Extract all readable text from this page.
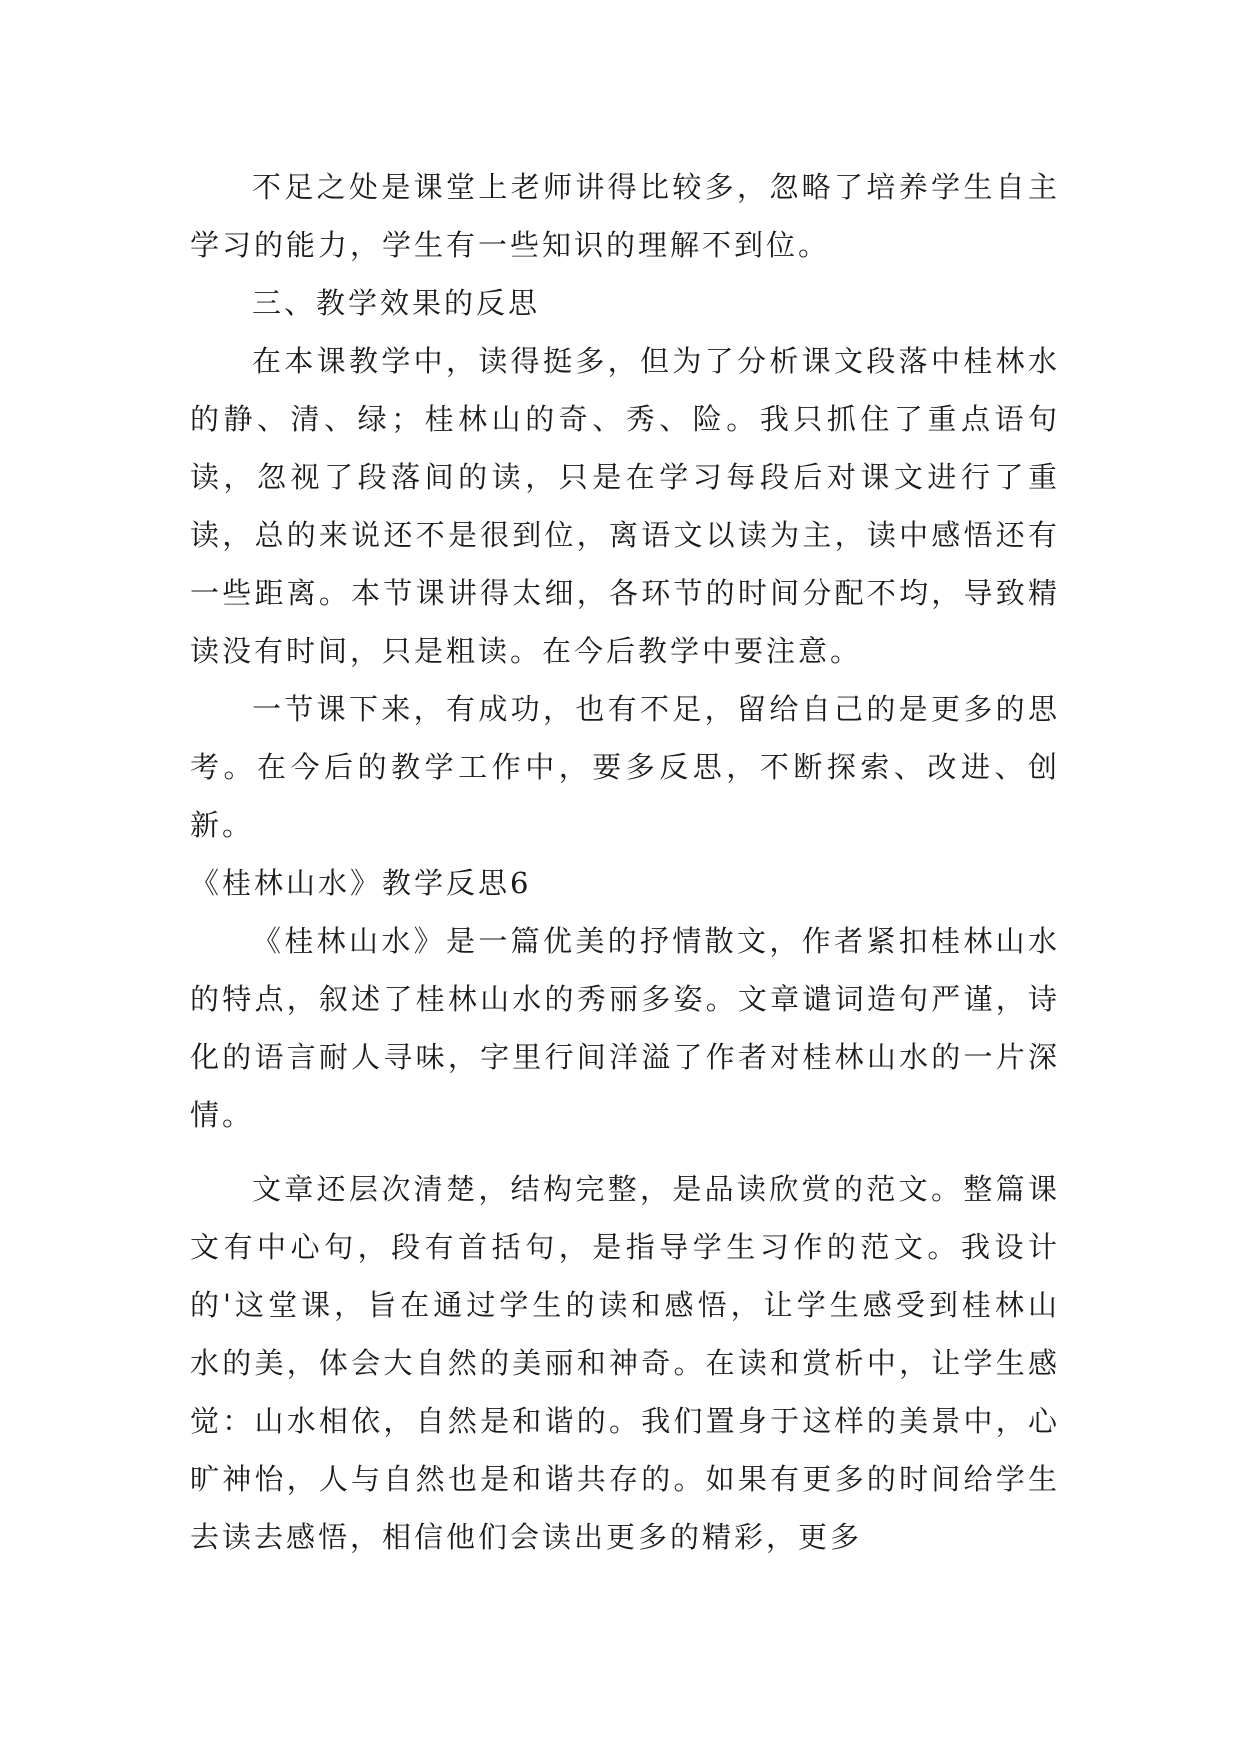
不足之处是课堂上老师讲得比较多，忽略了培养学生自主学习的能力，学生有一些知识的理解不到位。

三、教学效果的反思

在本课教学中，读得挺多，但为了分析课文段落中桂林水的静、清、绿；桂林山的奇、秀、险。我只抓住了重点语句读，忽视了段落间的读，只是在学习每段后对课文进行了重读，总的来说还不是很到位，离语文以读为主，读中感悟还有一些距离。本节课讲得太细，各环节的时间分配不均，导致精读没有时间，只是粗读。在今后教学中要注意。

一节课下来，有成功，也有不足，留给自己的是更多的思考。在今后的教学工作中，要多反思，不断探索、改进、创新。

《桂林山水》教学反思6

《桂林山水》是一篇优美的抒情散文，作者紧扣桂林山水的特点，叙述了桂林山水的秀丽多姿。文章谴词造句严谨，诗化的语言耐人寻味，字里行间洋溢了作者对桂林山水的一片深情。

文章还层次清楚，结构完整，是品读欣赏的范文。整篇课文有中心句，段有首括句，是指导学生习作的范文。我设计的'这堂课，旨在通过学生的读和感悟，让学生感受到桂林山水的美，体会大自然的美丽和神奇。在读和赏析中，让学生感觉：山水相依，自然是和谐的。我们置身于这样的美景中，心旷神怡，人与自然也是和谐共存的。如果有更多的时间给学生去读去感悟，相信他们会读出更多的精彩，更多
